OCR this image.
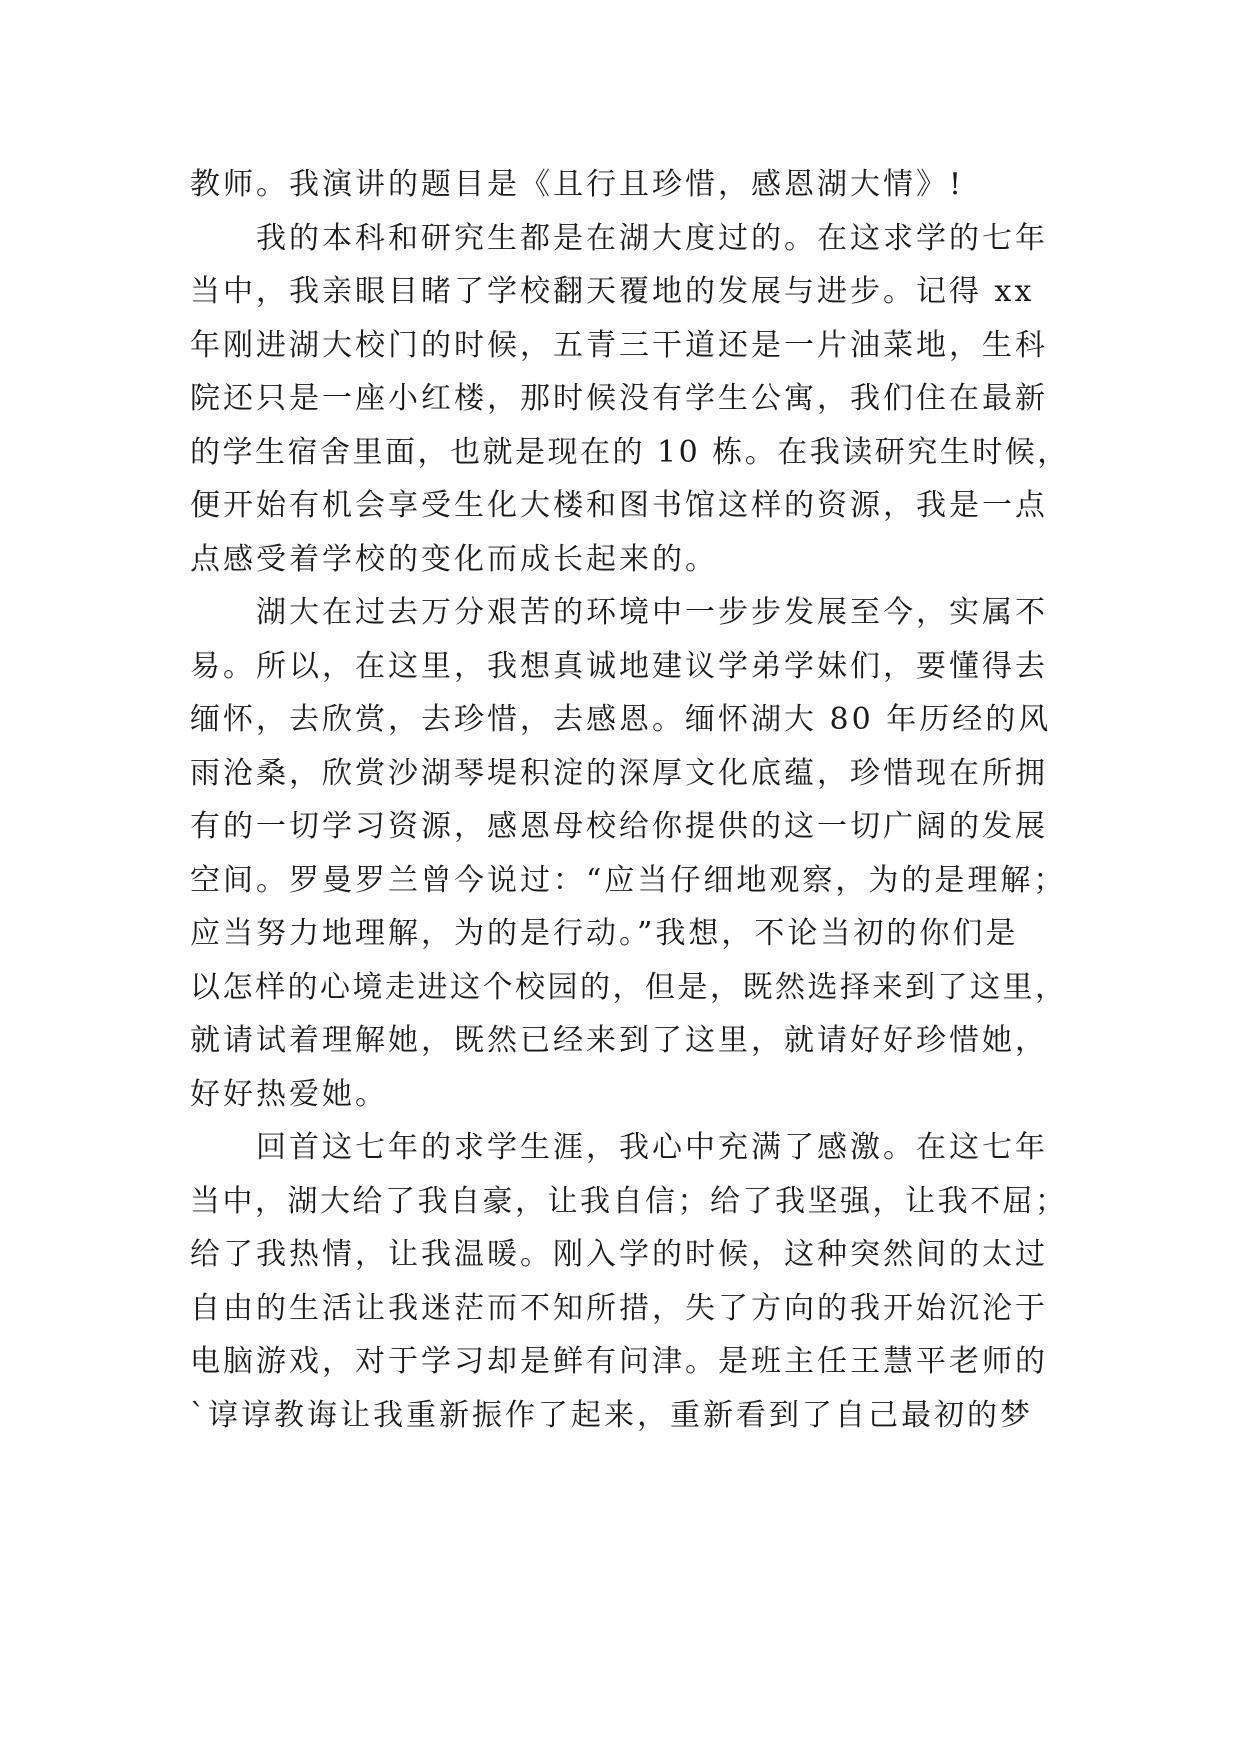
教师。我演讲的题目是《且行且珍惜，感恩湖大情》!
我的本科和研究生都是在湖大度过的。在这求学的七年
当中，我亲眼目睹了学校翻天覆地的发展与进步。记得 xx
年刚进湖大校门的时候，五青三干道还是一片油菜地，生科
院还只是一座小红楼，那时候没有学生公寓，我们住在最新
的学生宿舍里面，也就是现在的 10 栋。在我读研究生时候，
便开始有机会享受生化大楼和图书馆这样的资源，我是一点
点感受着学校的变化而成长起来的。
湖大在过去万分艰苦的环境中一步步发展至今，实属不
易。所以，在这里，我想真诚地建议学弟学妹们，要懂得去
缅怀，去欣赏，去珍惜，去感恩。缅怀湖大 80 年历经的风
雨沧桑，欣赏沙湖琴堤积淀的深厚文化底蕴，珍惜现在所拥
有的一切学习资源，感恩母校给你提供的这一切广阔的发展
空间。罗曼罗兰曾今说过：“应当仔细地观察，为的是理解；
应当努力地理解，为的是行动。”我想，不论当初的你们是
以怎样的心境走进这个校园的，但是，既然选择来到了这里，
就请试着理解她，既然已经来到了这里，就请好好珍惜她，
好好热爱她。
回首这七年的求学生涯，我心中充满了感激。在这七年
当中，湖大给了我自豪，让我自信；给了我坚强，让我不屈；
给了我热情，让我温暖。刚入学的时候，这种突然间的太过
自由的生活让我迷茫而不知所措，失了方向的我开始沉沦于
电脑游戏，对于学习却是鲜有问津。是班主任王慧平老师的
`谆谆教诲让我重新振作了起来，重新看到了自己最初的梦
